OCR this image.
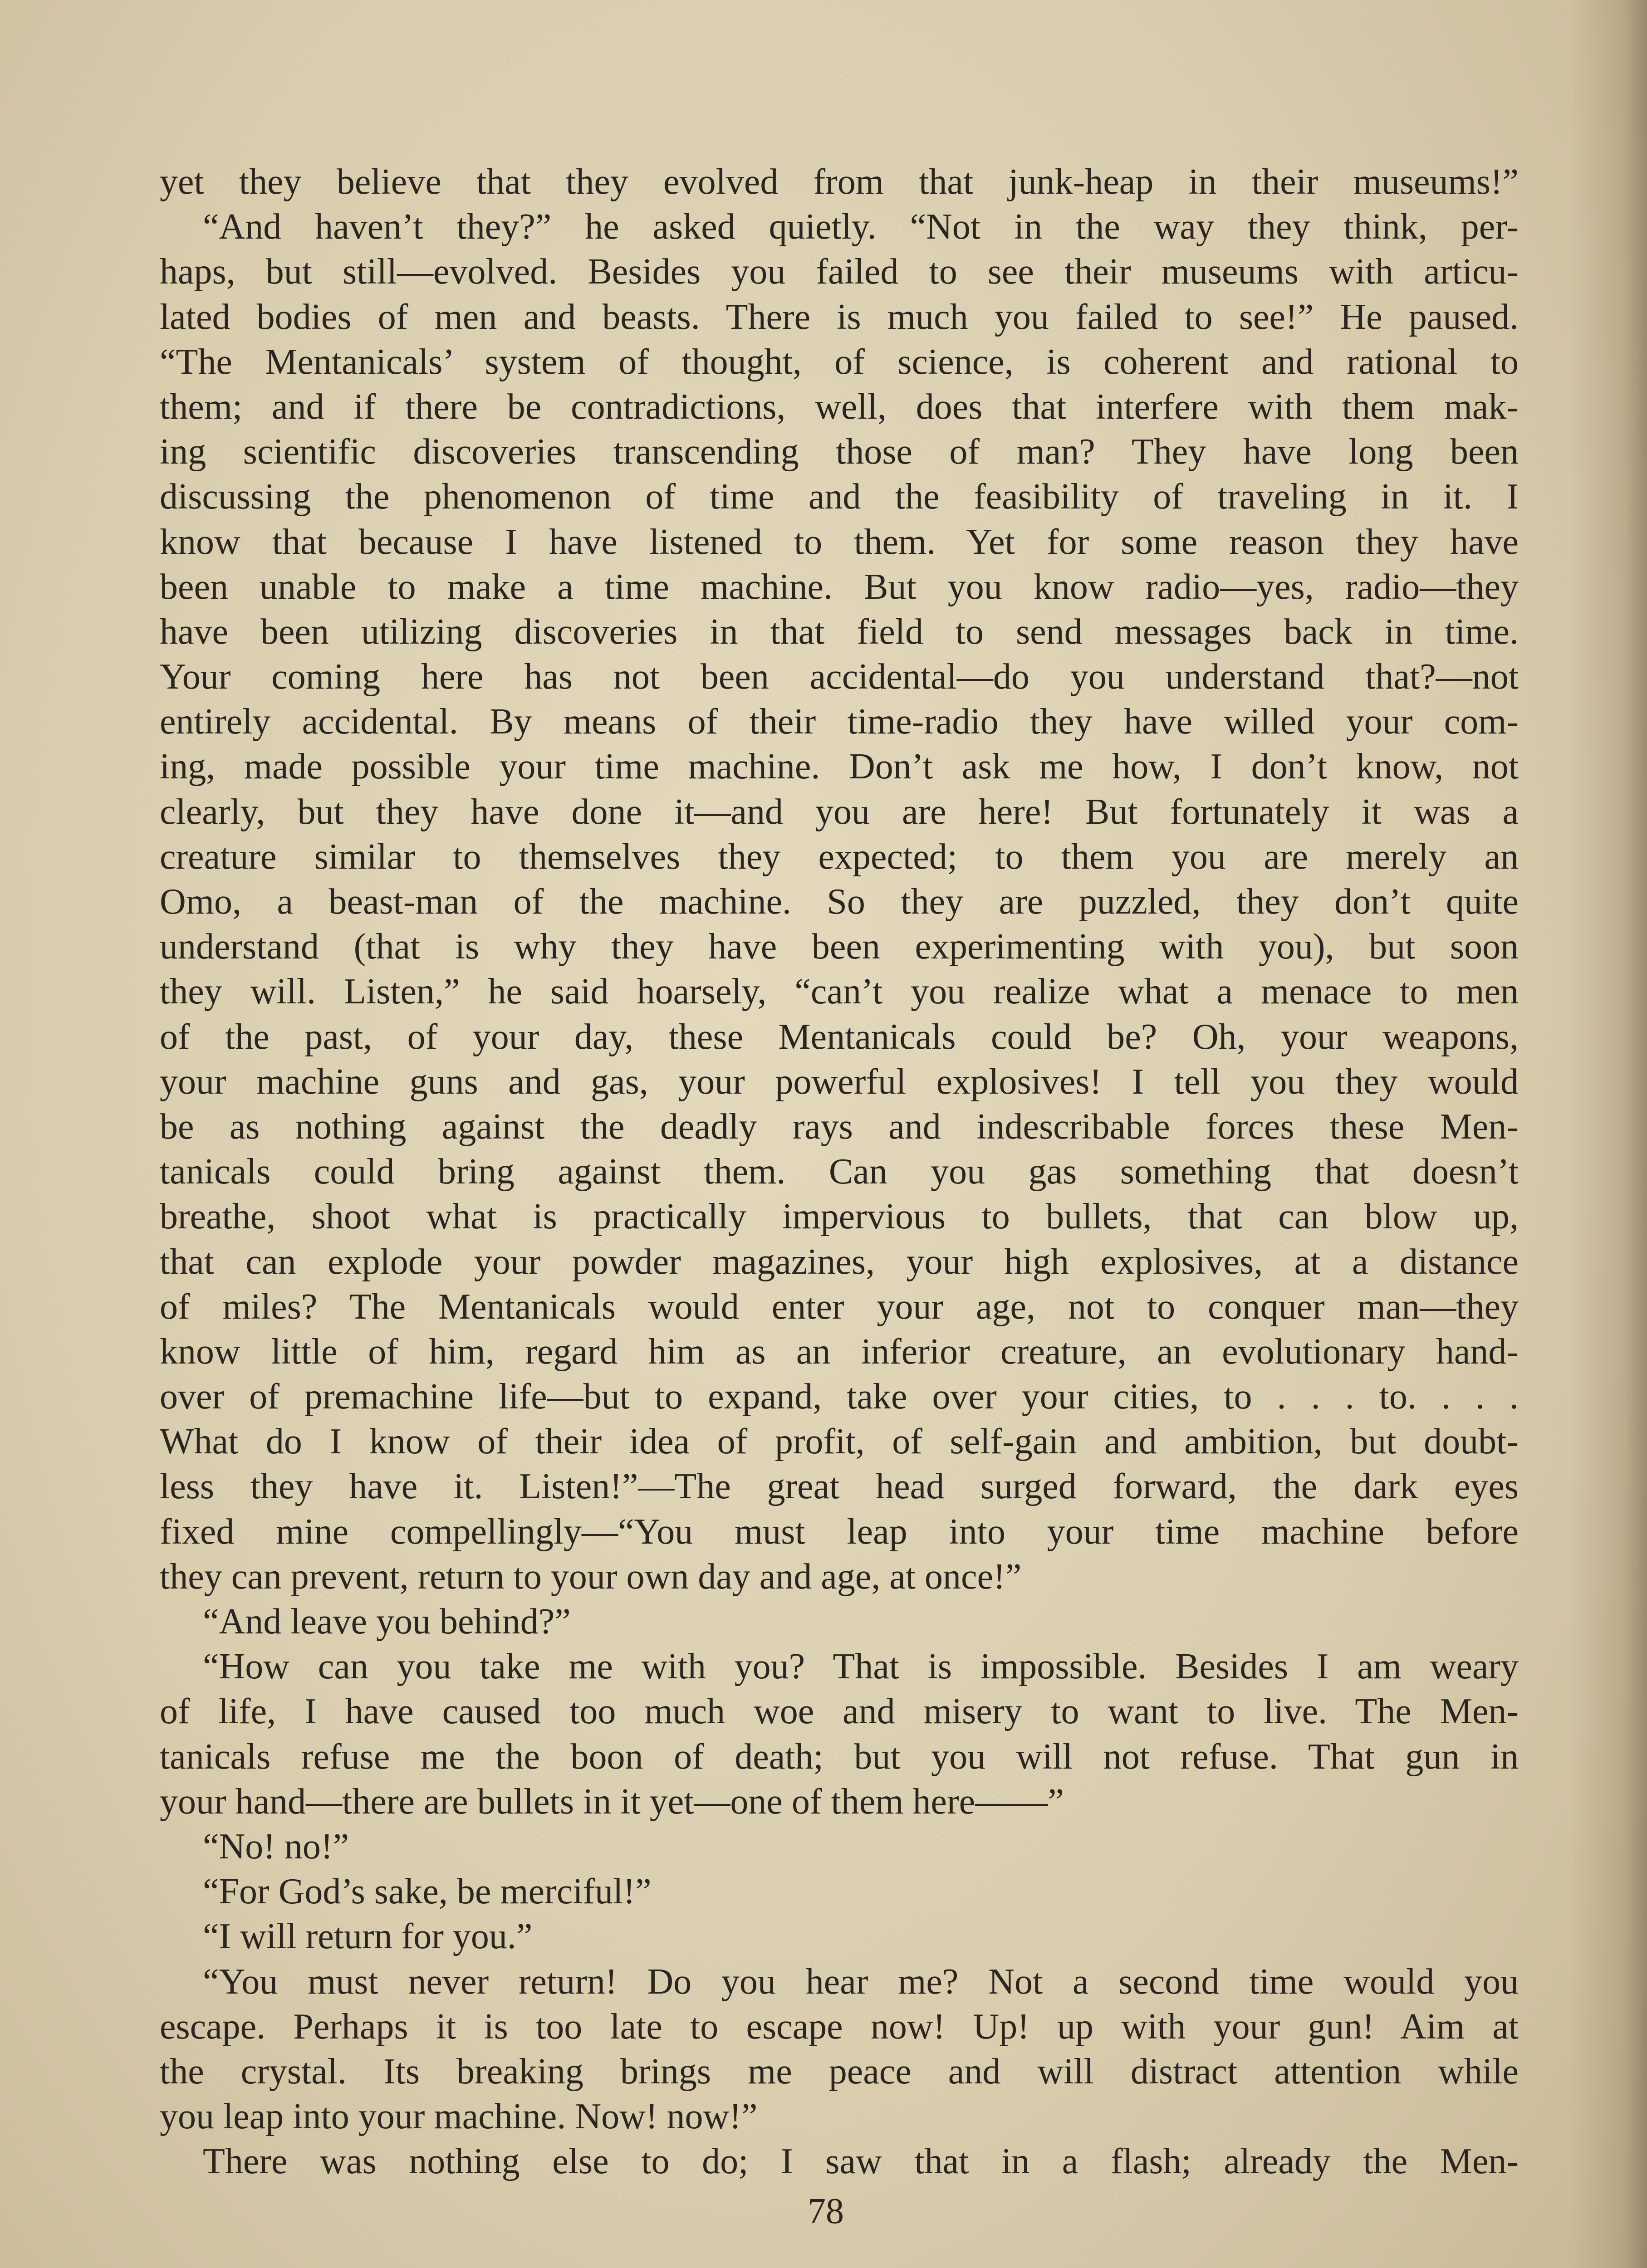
yet they believe that they evolved from that junk-heap in their museums!”
“And haven’t they?” he asked quietly. “Not in the way they think, per-
haps, but still—evolved. Besides you failed to see their museums with articu-
lated bodies of men and beasts. There is much you failed to see!” He paused.
“The Mentanicals’ system of thought, of science, is coherent and rational to
them; and if there be contradictions, well, does that interfere with them mak-
ing scientific discoveries transcending those of man? They have long been
discussing the phenomenon of time and the feasibility of traveling in it. I
know that because I have listened to them. Yet for some reason they have
been unable to make a time machine. But you know radio—yes, radio—they
have been utilizing discoveries in that field to send messages back in time.
Your coming here has not been accidental—do you understand that?—not
entirely accidental. By means of their time-radio they have willed your com-
ing, made possible your time machine. Don’t ask me how, I don’t know, not
clearly, but they have done it—and you are here! But fortunately it was a
creature similar to themselves they expected; to them you are merely an
Omo, a beast-man of the machine. So they are puzzled, they don’t quite
understand (that is why they have been experimenting with you), but soon
they will. Listen,” he said hoarsely, “can’t you realize what a menace to men
of the past, of your day, these Mentanicals could be? Oh, your weapons,
your machine guns and gas, your powerful explosives! I tell you they would
be as nothing against the deadly rays and indescribable forces these Men-
tanicals could bring against them. Can you gas something that doesn’t
breathe, shoot what is practically impervious to bullets, that can blow up,
that can explode your powder magazines, your high explosives, at a distance
of miles? The Mentanicals would enter your age, not to conquer man—they
know little of him, regard him as an inferior creature, an evolutionary hand-
over of premachine life—but to expand, take over your cities, to . . . to. . . .
What do I know of their idea of profit, of self-gain and ambition, but doubt-
less they have it. Listen!”—The great head surged forward, the dark eyes
fixed mine compellingly—“You must leap into your time machine before
they can prevent, return to your own day and age, at once!”
“And leave you behind?”
“How can you take me with you? That is impossible. Besides I am weary
of life, I have caused too much woe and misery to want to live. The Men-
tanicals refuse me the boon of death; but you will not refuse. That gun in
your hand—there are bullets in it yet—one of them here——”
“No! no!”
“For God’s sake, be merciful!”
“I will return for you.”
“You must never return! Do you hear me? Not a second time would you
escape. Perhaps it is too late to escape now! Up! up with your gun! Aim at
the crystal. Its breaking brings me peace and will distract attention while
you leap into your machine. Now! now!”
There was nothing else to do; I saw that in a flash; already the Men-
78
